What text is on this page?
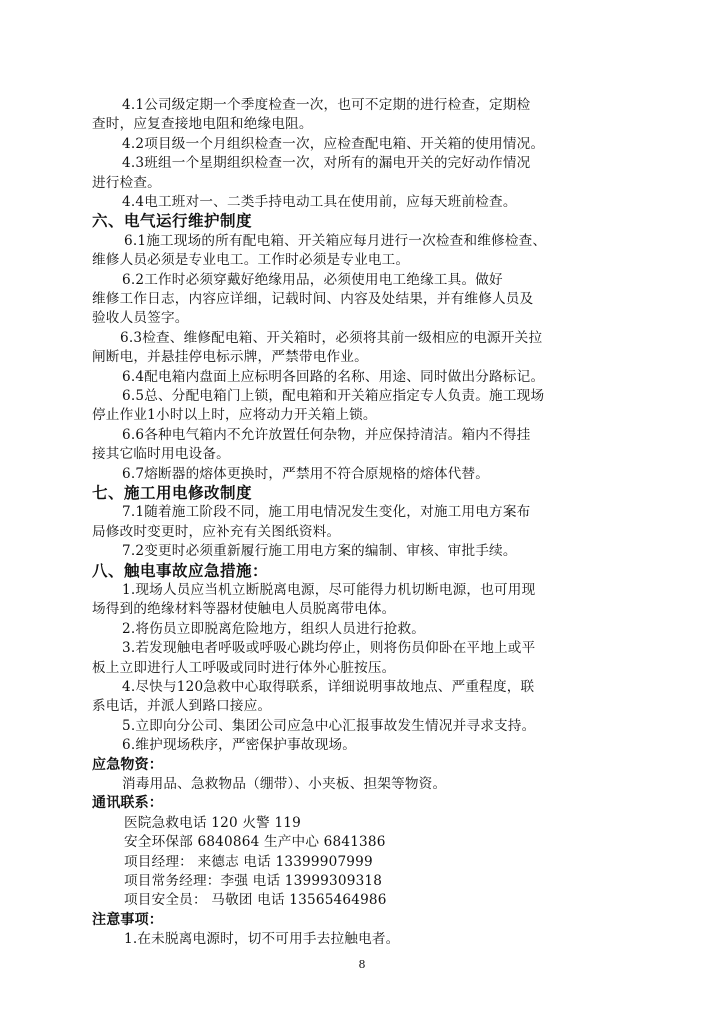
4.1公司级定期一个季度检查一次，也可不定期的进行检查，定期检
查时，应复查接地电阻和绝缘电阻。
4.2项目级一个月组织检查一次，应检查配电箱、开关箱的使用情况。
4.3班组一个星期组织检查一次，对所有的漏电开关的完好动作情况
进行检查。
4.4电工班对一、二类手持电动工具在使用前，应每天班前检查。
六、电气运行维护制度
6.1施工现场的所有配电箱、开关箱应每月进行一次检查和维修检查、
维修人员必须是专业电工。工作时必须是专业电工。
6.2工作时必须穿戴好绝缘用品，必须使用电工绝缘工具。做好
维修工作日志，内容应详细，记载时间、内容及处结果，并有维修人员及
验收人员签字。
6.3检查、维修配电箱、开关箱时，必须将其前一级相应的电源开关拉
闸断电，并悬挂停电标示牌，严禁带电作业。
6.4配电箱内盘面上应标明各回路的名称、用途、同时做出分路标记。
6.5总、分配电箱门上锁，配电箱和开关箱应指定专人负责。施工现场
停止作业1小时以上时，应将动力开关箱上锁。
6.6各种电气箱内不允许放置任何杂物，并应保持清洁。箱内不得挂
接其它临时用电设备。
6.7熔断器的熔体更换时，严禁用不符合原规格的熔体代替。
七、施工用电修改制度
7.1随着施工阶段不同，施工用电情况发生变化，对施工用电方案布
局修改时变更时，应补充有关图纸资料。
7.2变更时必须重新履行施工用电方案的编制、审核、审批手续。
八、触电事故应急措施：
1.现场人员应当机立断脱离电源，尽可能得力机切断电源，也可用现
场得到的绝缘材料等器材使触电人员脱离带电体。
2.将伤员立即脱离危险地方，组织人员进行抢救。
3.若发现触电者呼吸或呼吸心跳均停止，则将伤员仰卧在平地上或平
板上立即进行人工呼吸或同时进行体外心脏按压。
4.尽快与120急救中心取得联系，详细说明事故地点、严重程度，联
系电话，并派人到路口接应。
5.立即向分公司、集团公司应急中心汇报事故发生情况并寻求支持。
6.维护现场秩序，严密保护事故现场。
应急物资：
消毒用品、急救物品（绷带）、小夹板、担架等物资。
通讯联系：
医院急救电话 120 火警 119
安全环保部 6840864 生产中心 6841386
项目经理： 来德志 电话 13399907999
项目常务经理：李强 电话 13999309318
项目安全员： 马敬团 电话 13565464986
注意事项：
1.在未脱离电源时，切不可用手去拉触电者。
8
